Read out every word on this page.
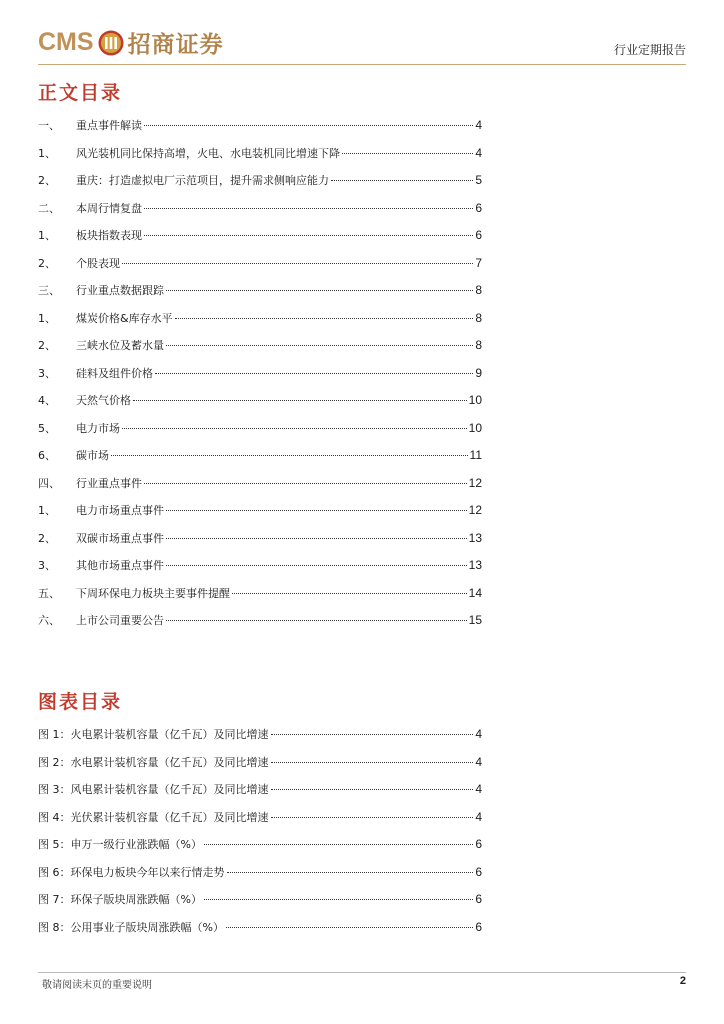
CMS 招商证券	行业定期报告
正文目录
一、	重点事件解读	4
1、	风光装机同比保持高增，火电、水电装机同比增速下降	4
2、	重庆：打造虚拟电厂示范项目，提升需求侧响应能力	5
二、	本周行情复盘	6
1、	板块指数表现	6
2、	个股表现	7
三、	行业重点数据跟踪	8
1、	煤炭价格&库存水平	8
2、	三峡水位及蓄水量	8
3、	硅料及组件价格	9
4、	天然气价格	10
5、	电力市场	10
6、	碳市场	11
四、	行业重点事件	12
1、	电力市场重点事件	12
2、	双碳市场重点事件	13
3、	其他市场重点事件	13
五、	下周环保电力板块主要事件提醒	14
六、	上市公司重要公告	15
图表目录
图 1：火电累计装机容量（亿千瓦）及同比增速	4
图 2：水电累计装机容量（亿千瓦）及同比增速	4
图 3：风电累计装机容量（亿千瓦）及同比增速	4
图 4：光伏累计装机容量（亿千瓦）及同比增速	4
图 5：申万一级行业涨跌幅（%）	6
图 6：环保电力板块今年以来行情走势	6
图 7：环保子版块周涨跌幅（%）	6
图 8：公用事业子版块周涨跌幅（%）	6
敬请阅读末页的重要说明	2
